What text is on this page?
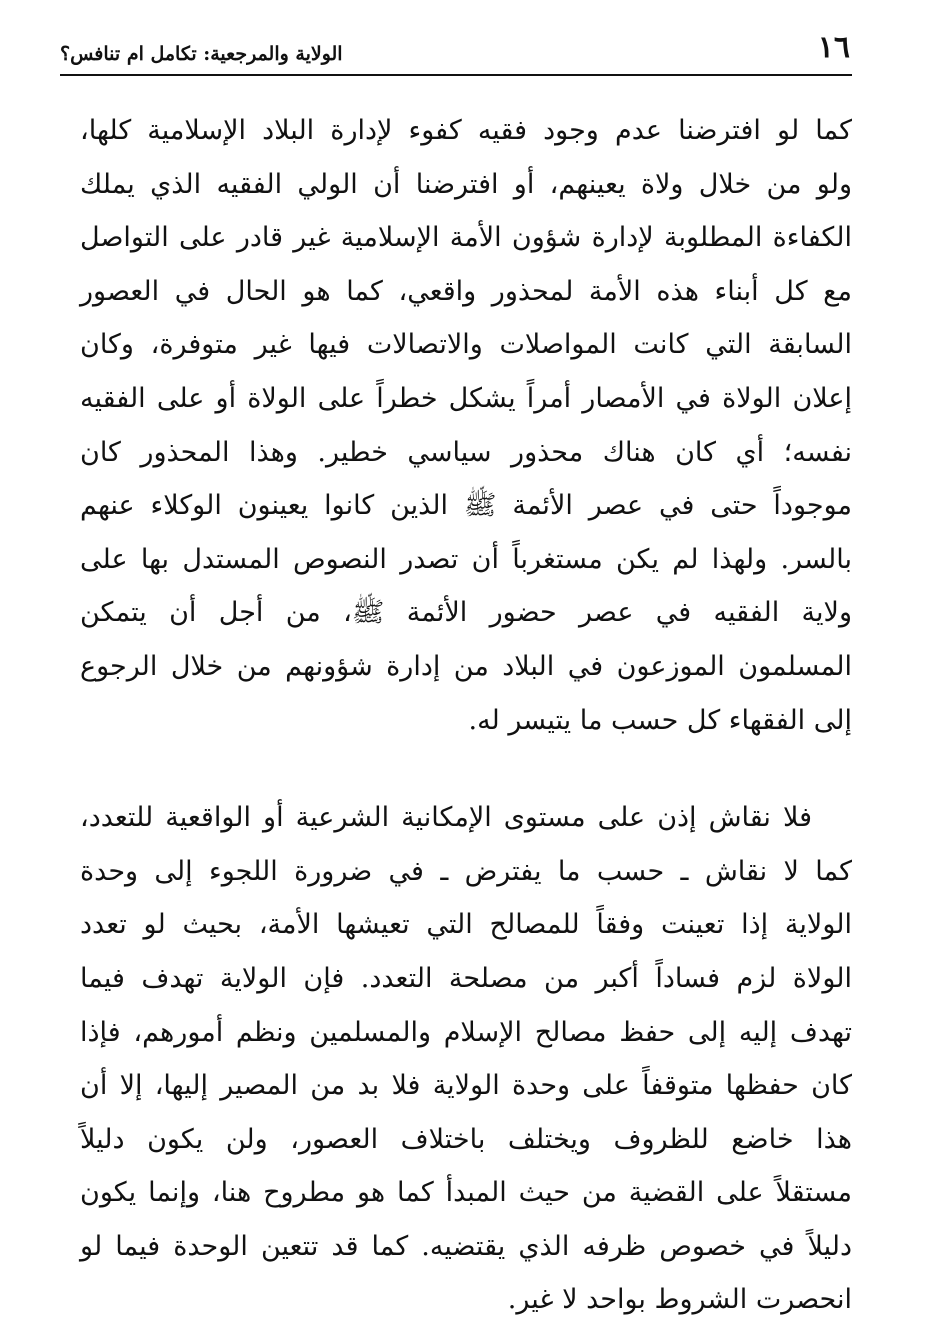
١٦
الولاية والمرجعية: تكامل ام تنافس؟

كما لو افترضنا عدم وجود فقيه كفوء لإدارة البلاد الإسلامية كلها،
ولو من خلال ولاة يعينهم، أو افترضنا أن الولي الفقيه الذي يملك
الكفاءة المطلوبة لإدارة شؤون الأمة الإسلامية غير قادر على التواصل
مع كل أبناء هذه الأمة لمحذور واقعي، كما هو الحال في العصور
السابقة التي كانت المواصلات والاتصالات فيها غير متوفرة، وكان
إعلان الولاة في الأمصار أمراً يشكل خطراً على الولاة أو على الفقيه
نفسه؛ أي كان هناك محذور سياسي خطير. وهذا المحذور كان
موجوداً حتى في عصر الأئمة ﷺ الذين كانوا يعينون الوكلاء عنهم
بالسر. ولهذا لم يكن مستغرباً أن تصدر النصوص المستدل بها على
ولاية الفقيه في عصر حضور الأئمة ﷺ، من أجل أن يتمكن
المسلمون الموزعون في البلاد من إدارة شؤونهم من خلال الرجوع
إلى الفقهاء كل حسب ما يتيسر له.

فلا نقاش إذن على مستوى الإمكانية الشرعية أو الواقعية للتعدد،
كما لا نقاش ـ حسب ما يفترض ـ في ضرورة اللجوء إلى وحدة
الولاية إذا تعينت وفقاً للمصالح التي تعيشها الأمة، بحيث لو تعدد
الولاة لزم فساداً أكبر من مصلحة التعدد. فإن الولاية تهدف فيما
تهدف إليه إلى حفظ مصالح الإسلام والمسلمين ونظم أمورهم، فإذا
كان حفظها متوقفاً على وحدة الولاية فلا بد من المصير إليها، إلا أن
هذا خاضع للظروف ويختلف باختلاف العصور، ولن يكون دليلاً
مستقلاً على القضية من حيث المبدأ كما هو مطروح هنا، وإنما يكون
دليلاً في خصوص ظرفه الذي يقتضيه. كما قد تتعين الوحدة فيما لو
انحصرت الشروط بواحد لا غير.
